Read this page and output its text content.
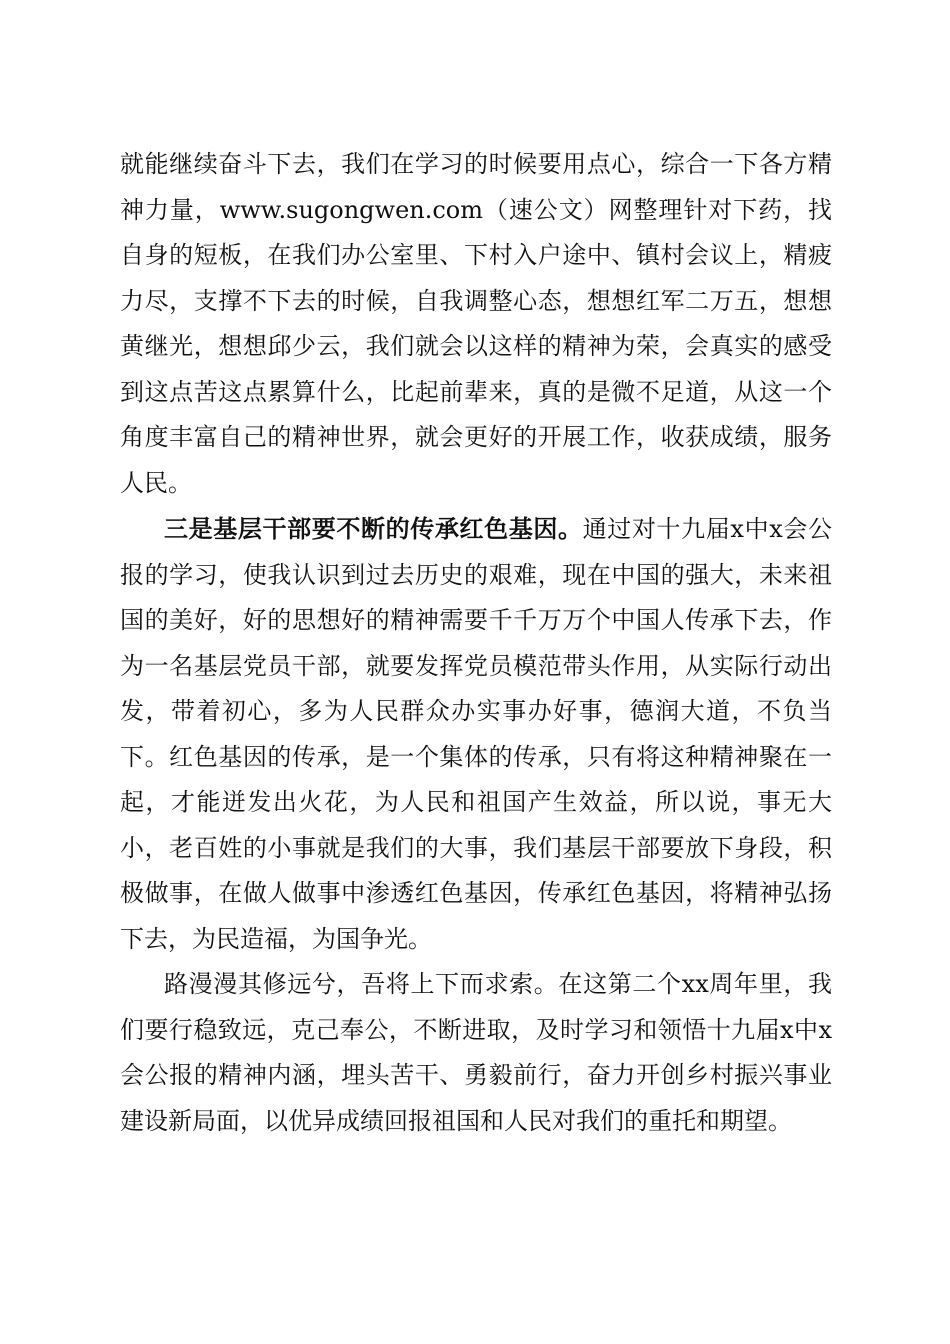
就能继续奋斗下去，我们在学习的时候要用点心，综合一下各方精神力量，www.sugongwen.com（速公文）网整理针对下药，找自身的短板，在我们办公室里、下村入户途中、镇村会议上，精疲力尽，支撑不下去的时候，自我调整心态，想想红军二万五，想想黄继光，想想邱少云，我们就会以这样的精神为荣，会真实的感受到这点苦这点累算什么，比起前辈来，真的是微不足道，从这一个角度丰富自己的精神世界，就会更好的开展工作，收获成绩，服务人民。

三是基层干部要不断的传承红色基因。通过对十九届x中x会公报的学习，使我认识到过去历史的艰难，现在中国的强大，未来祖国的美好，好的思想好的精神需要千千万万个中国人传承下去，作为一名基层党员干部，就要发挥党员模范带头作用，从实际行动出发，带着初心，多为人民群众办实事办好事，德润大道，不负当下。红色基因的传承，是一个集体的传承，只有将这种精神聚在一起，才能迸发出火花，为人民和祖国产生效益，所以说，事无大小，老百姓的小事就是我们的大事，我们基层干部要放下身段，积极做事，在做人做事中渗透红色基因，传承红色基因，将精神弘扬下去，为民造福，为国争光。

路漫漫其修远兮，吾将上下而求索。在这第二个xx周年里，我们要行稳致远，克己奉公，不断进取，及时学习和领悟十九届x中x会公报的精神内涵，埋头苦干、勇毅前行，奋力开创乡村振兴事业建设新局面，以优异成绩回报祖国和人民对我们的重托和期望。
